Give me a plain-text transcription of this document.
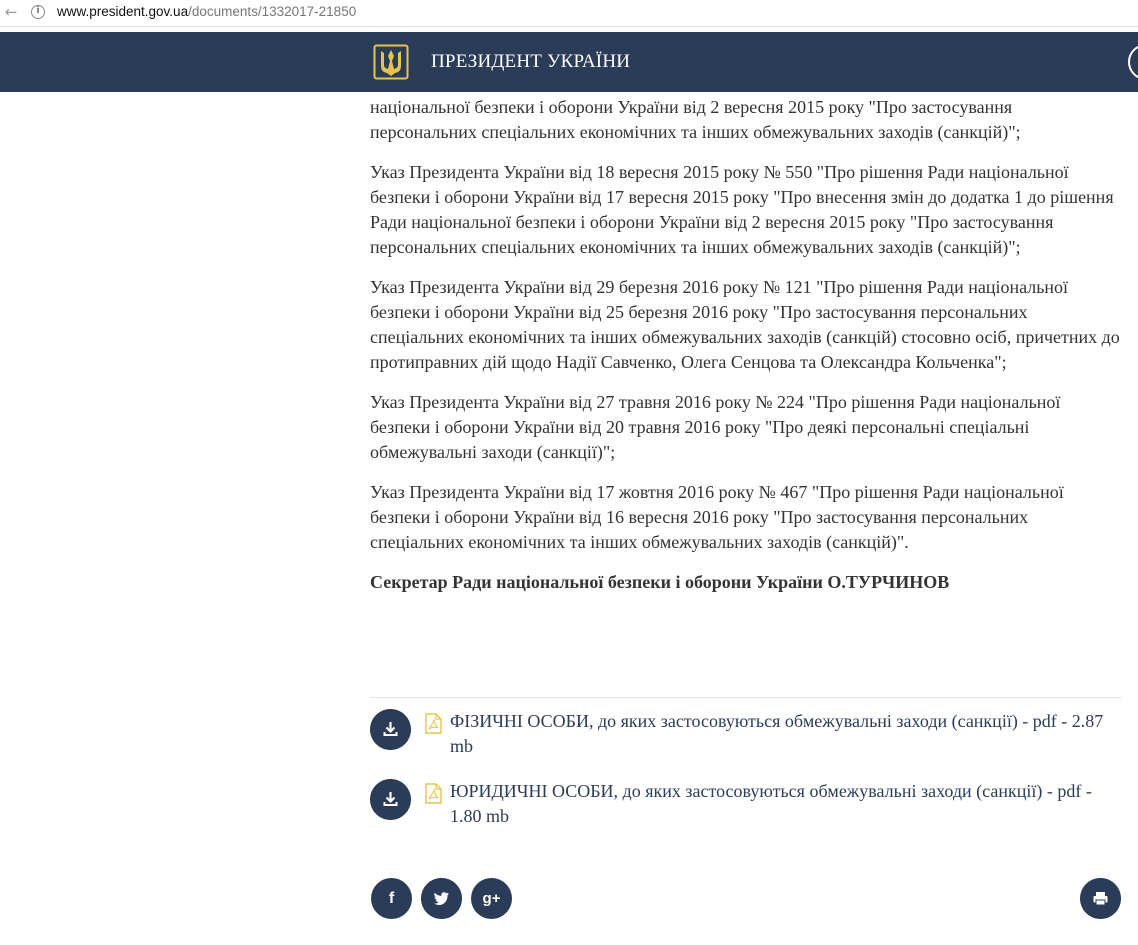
←	i	www.president.gov.ua/documents/1332017-21850
ПРЕЗИДЕНТ УКРАЇНИ

національної безпеки і оборони України від 2 вересня 2015 року "Про застосування персональних спеціальних економічних та інших обмежувальних заходів (санкцій)";

Указ Президента України від 18 вересня 2015 року № 550 "Про рішення Ради національної безпеки і оборони України від 17 вересня 2015 року "Про внесення змін до додатка 1 до рішення Ради національної безпеки і оборони України від 2 вересня 2015 року "Про застосування персональних спеціальних економічних та інших обмежувальних заходів (санкцій)";

Указ Президента України від 29 березня 2016 року № 121 "Про рішення Ради національної безпеки і оборони України від 25 березня 2016 року "Про застосування персональних спеціальних економічних та інших обмежувальних заходів (санкцій) стосовно осіб, причетних до протиправних дій щодо Надії Савченко, Олега Сенцова та Олександра Кольченка";

Указ Президента України від 27 травня 2016 року № 224 "Про рішення Ради національної безпеки і оборони України від 20 травня 2016 року "Про деякі персональні спеціальні обмежувальні заходи (санкції)";

Указ Президента України від 17 жовтня 2016 року № 467 "Про рішення Ради національної безпеки і оборони України від 16 вересня 2016 року "Про застосування персональних спеціальних економічних та інших обмежувальних заходів (санкцій)".

Секретар Ради національної безпеки і оборони України О.ТУРЧИНОВ

ФІЗИЧНІ ОСОБИ, до яких застосовуються обмежувальні заходи (санкції) - pdf - 2.87 mb
ЮРИДИЧНІ ОСОБИ, до яких застосовуються обмежувальні заходи (санкції) - pdf - 1.80 mb
f	g+
